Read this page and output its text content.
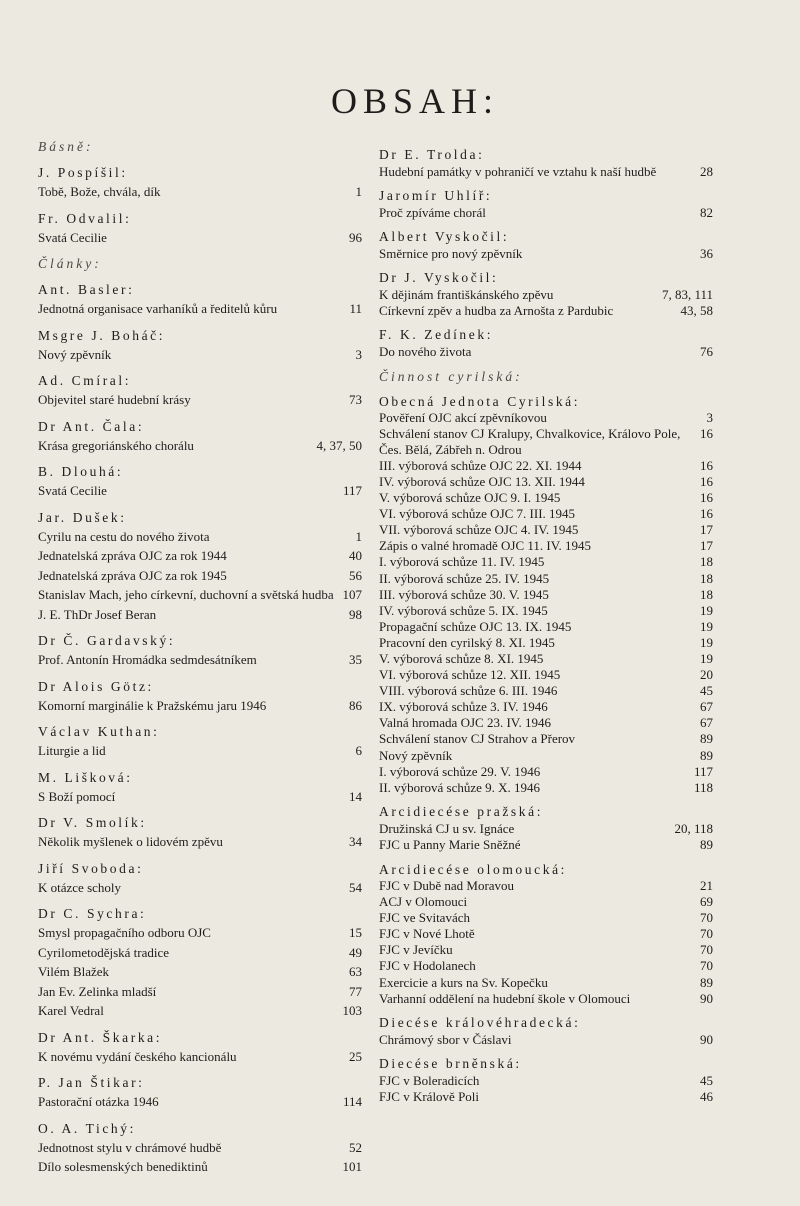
OBSAH:
Básně:
J. Pospíšil:
Tobě, Bože, chvála, dík	1
Fr. Odvalil:
Svatá Cecilie	96
Články:
Ant. Basler:
Jednotná organisace varhaníků a ředitelů kůru	11
Msgre J. Boháč:
Nový zpěvník	3
Ad. Cmíral:
Objevitel staré hudební krásy	73
Dr Ant. Čala:
Krása gregoriánského chorálu	4, 37, 50
B. Dlouhá:
Svatá Cecilie	117
Jar. Dušek:
Cyrilu na cestu do nového života	1
Jednatelská zpráva OJC za rok 1944	40
Jednatelská zpráva OJC za rok 1945	56
Stanislav Mach, jeho církevní, duchovní a světská hudba 107
J. E. ThDr Josef Beran	98
Dr Č. Gardavský:
Prof. Antonín Hromádka sedmdesátníkem	35
Dr Alois Götz:
Komorní marginálie k Pražskému jaru 1946	86
Václav Kuthan:
Liturgie a lid	6
M. Lišková:
S Boží pomocí	14
Dr V. Smolík:
Několik myšlenek o lidovém zpěvu	34
Jiří Svoboda:
K otázce scholy	54
Dr C. Sychra:
Smysl propagačního odboru OJC	15
Cyrilometodějská tradice	49
Vilém Blažek	63
Jan Ev. Zelinka mladší	77
Karel Vedral	103
Dr Ant. Škarka:
K novému vydání českého kancionálu	25
P. Jan Štikar:
Pastorační otázka 1946	114
O. A. Tichý:
Jednotnost stylu v chrámové hudbě	52
Dílo solesmenských benediktinů	101
Dr E. Trolda:
Hudební památky v pohraničí ve vztahu k naší hudbě	28
Jaromír Uhlíř:
Proč zpíváme chorál	82
Albert Vyskočil:
Směrnice pro nový zpěvník	36
Dr J. Vyskočil:
K dějinám františkánského zpěvu	7, 83, 111
Církevní zpěv a hudba za Arnošta z Pardubic	43, 58
F. K. Zedínek:
Do nového života	76
Činnost cyrilská:
Obecná Jednota Cyrilská:
Pověření OJC akcí zpěvníkovou	3
Schválení stanov CJ Kralupy, Chvalkovice, Královo Pole, Čes. Bělá, Zábřeh n. Odrou
16
III. výborová schůze OJC 22. XI. 1944	16
IV. výborová schůze OJC 13. XII. 1944	16
V. výborová schůze OJC 9. I. 1945	16
VI. výborová schůze OJC 7. III. 1945	16
VII. výborová schůze OJC 4. IV. 1945	17
Zápis o valné hromadě OJC 11. IV. 1945	17
I. výborová schůze 11. IV. 1945	18
II. výborová schůze 25. IV. 1945	18
III. výborová schůze 30. V. 1945	18
IV. výborová schůze 5. IX. 1945	19
Propagační schůze OJC 13. IX. 1945	19
Pracovní den cyrilský 8. XI. 1945	19
V. výborová schůze 8. XI. 1945	19
VI. výborová schůze 12. XII. 1945	20
VIII. výborová schůze 6. III. 1946	45
IX. výborová schůze 3. IV. 1946	67
Valná hromada OJC 23. IV. 1946	67
Schválení stanov CJ Strahov a Přerov	89
Nový zpěvník	89
I. výborová schůze 29. V. 1946	117
II. výborová schůze 9. X. 1946	118
Arcidiecése pražská:
Družinská CJ u sv. Ignáce	20, 118
FJC u Panny Marie Sněžné	89
Arcidiecése olomoucká:
FJC v Dubě nad Moravou	21
ACJ v Olomouci	69
FJC ve Svitavách	70
FJC v Nové Lhotě	70
FJC v Jevíčku	70
FJC v Hodolanech	70
Exercicie a kurs na Sv. Kopečku	89
Varhanní oddělení na hudební škole v Olomouci	90
Diecése královéhradecká:
Chrámový sbor v Čáslavi	90
Diecése brněnská:
FJC v Boleradicích	45
FJC v Králově Poli	46
